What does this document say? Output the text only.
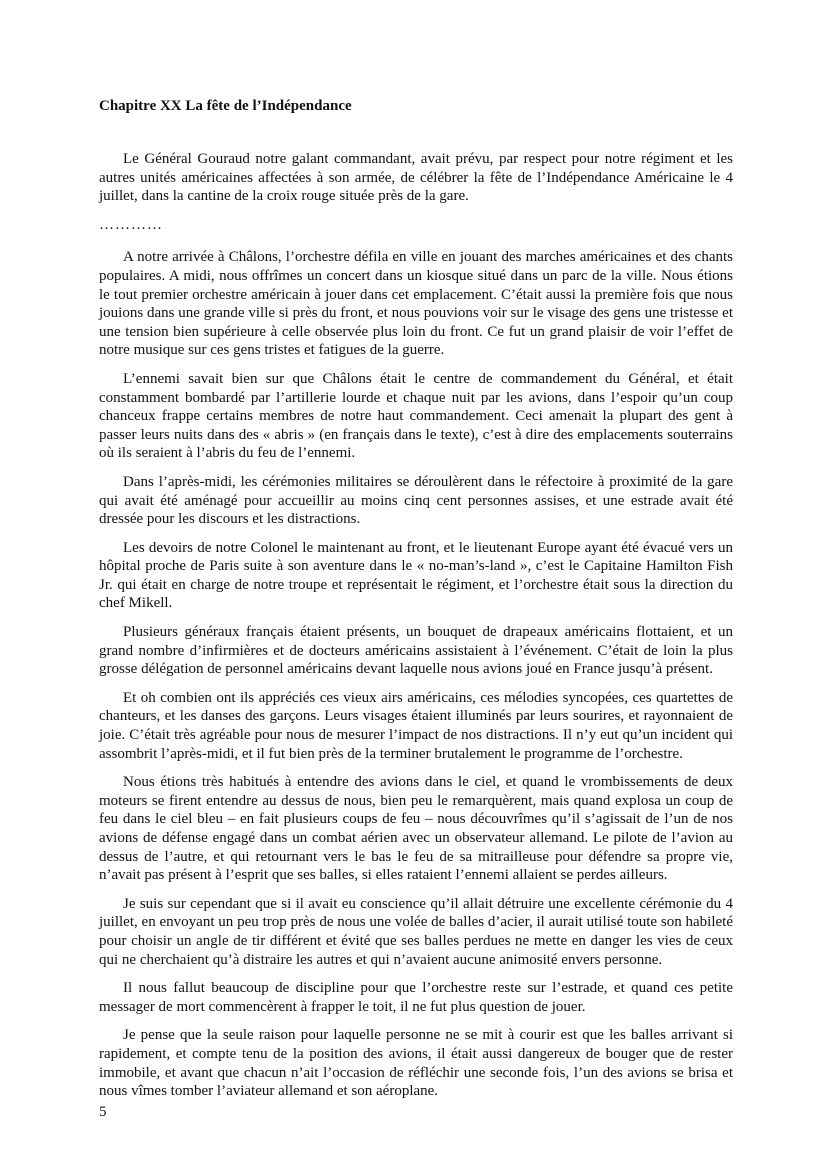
Chapitre XX La fête de l’Indépendance

Le Général Gouraud notre galant commandant, avait prévu, par respect pour notre régiment et les autres unités américaines affectées à son armée, de célébrer la fête de l’Indépendance Américaine le 4 juillet, dans la cantine de la croix rouge située près de la gare.

…………

A notre arrivée à Châlons, l’orchestre défila en ville en jouant des marches américaines et des chants populaires. A midi, nous offrîmes un concert dans un kiosque situé dans un parc de la ville. Nous étions le tout premier orchestre américain à jouer dans cet emplacement. C’était aussi la première fois que nous jouions dans une grande ville si près du front, et nous pouvions voir sur le visage des gens une tristesse et une tension bien supérieure à celle observée plus loin du front. Ce fut un grand plaisir de voir l’effet de notre musique sur ces gens tristes et fatigues de la guerre.

L’ennemi savait bien sur que Châlons était le centre de commandement du Général, et était constamment bombardé par l’artillerie lourde et chaque nuit par les avions, dans l’espoir qu’un coup chanceux frappe certains membres de notre haut commandement. Ceci amenait la plupart des gent à passer leurs nuits dans des « abris » (en français dans le texte), c’est à dire des emplacements souterrains où ils seraient à l’abris du feu de l’ennemi.

Dans l’après-midi, les cérémonies militaires se déroulèrent dans le réfectoire à proximité de la gare qui avait été aménagé pour accueillir au moins cinq cent personnes assises, et une estrade avait été dressée pour les discours et les distractions.

Les devoirs de notre Colonel le maintenant au front, et le lieutenant Europe ayant été évacué vers un hôpital proche de Paris suite à son aventure dans le « no-man’s-land », c’est le Capitaine Hamilton Fish Jr. qui était en charge de notre troupe et représentait le régiment, et l’orchestre était sous la direction du chef Mikell.

Plusieurs généraux français étaient présents, un bouquet de drapeaux américains flottaient, et un grand nombre d’infirmières et de docteurs américains assistaient à l’événement. C’était de loin la plus grosse délégation de personnel américains devant laquelle nous avions joué en France jusqu’à présent.

Et oh combien ont ils appréciés ces vieux airs américains, ces mélodies syncopées, ces quartettes de chanteurs, et les danses des garçons. Leurs visages étaient illuminés par leurs sourires, et rayonnaient de joie. C’était très agréable pour nous de mesurer l’impact de nos distractions. Il n’y eut qu’un incident qui assombrit l’après-midi, et il fut bien près de la terminer brutalement le programme de l’orchestre.

Nous étions très habitués à entendre des avions dans le ciel, et quand le vrombissements de deux moteurs se firent entendre au dessus de nous, bien peu le remarquèrent, mais quand explosa un coup de feu dans le ciel bleu – en fait plusieurs coups de feu – nous découvrîmes qu’il s’agissait de l’un de nos avions de défense engagé dans un combat aérien avec un observateur allemand. Le pilote de l’avion au dessus de l’autre, et qui retournant vers le bas le feu de sa mitrailleuse pour défendre sa propre vie, n’avait pas présent à l’esprit que ses balles, si elles rataient l’ennemi allaient se perdes ailleurs.

Je suis sur cependant que si il avait eu conscience qu’il allait détruire une excellente cérémonie du 4 juillet, en envoyant un peu trop près de nous une volée de balles d’acier, il aurait utilisé toute son habileté pour choisir un angle de tir différent et évité que ses balles perdues ne mette en danger les vies de ceux qui ne cherchaient qu’à distraire les autres et qui n’avaient aucune animosité envers personne.

Il nous fallut beaucoup de discipline pour que l’orchestre reste sur l’estrade, et quand ces petite messager de mort commencèrent à frapper le toit, il ne fut plus question de jouer.

Je pense que la seule raison pour laquelle personne ne se mit à courir est que les balles arrivant si rapidement, et compte tenu de la position des avions, il était aussi dangereux de bouger que de rester immobile, et avant que chacun n’ait l’occasion de réfléchir une seconde fois, l’un des avions se brisa et nous vîmes tomber l’aviateur allemand et son aéroplane.

5
